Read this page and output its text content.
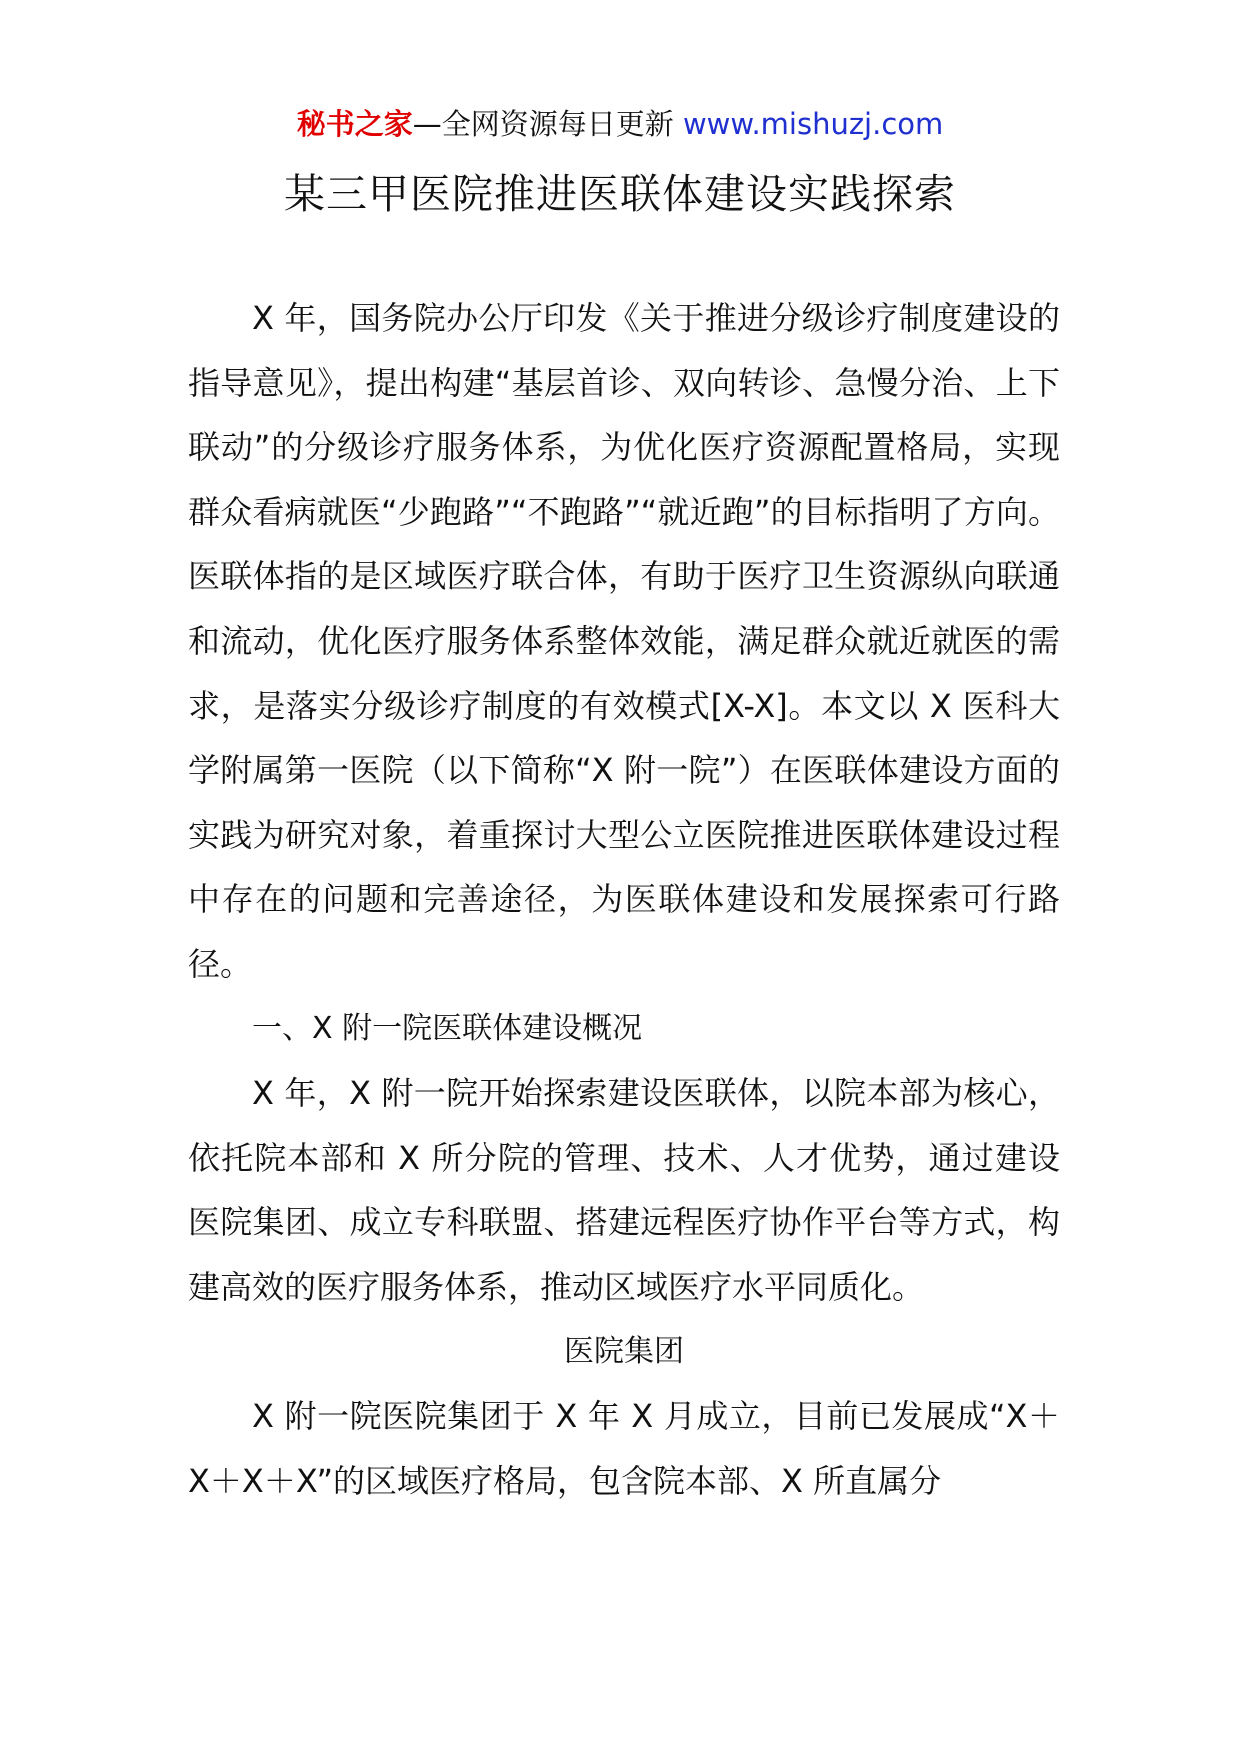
秘书之家—全网资源每日更新 www.mishuzj.com
某三甲医院推进医联体建设实践探索

X 年，国务院办公厅印发《关于推进分级诊疗制度建设的指导意见》，提出构建“基层首诊、双向转诊、急慢分治、上下联动”的分级诊疗服务体系，为优化医疗资源配置格局，实现群众看病就医“少跑路”“不跑路”“就近跑”的目标指明了方向。医联体指的是区域医疗联合体，有助于医疗卫生资源纵向联通和流动，优化医疗服务体系整体效能，满足群众就近就医的需求，是落实分级诊疗制度的有效模式[X-X]。本文以 X 医科大学附属第一医院（以下简称“X 附一院”）在医联体建设方面的实践为研究对象，着重探讨大型公立医院推进医联体建设过程中存在的问题和完善途径，为医联体建设和发展探索可行路径。

一、X 附一院医联体建设概况

X 年，X 附一院开始探索建设医联体，以院本部为核心，依托院本部和 X 所分院的管理、技术、人才优势，通过建设医院集团、成立专科联盟、搭建远程医疗协作平台等方式，构建高效的医疗服务体系，推动区域医疗水平同质化。

医院集团

X 附一院医院集团于 X 年 X 月成立，目前已发展成“X＋X＋X＋X”的区域医疗格局，包含院本部、X 所直属分
